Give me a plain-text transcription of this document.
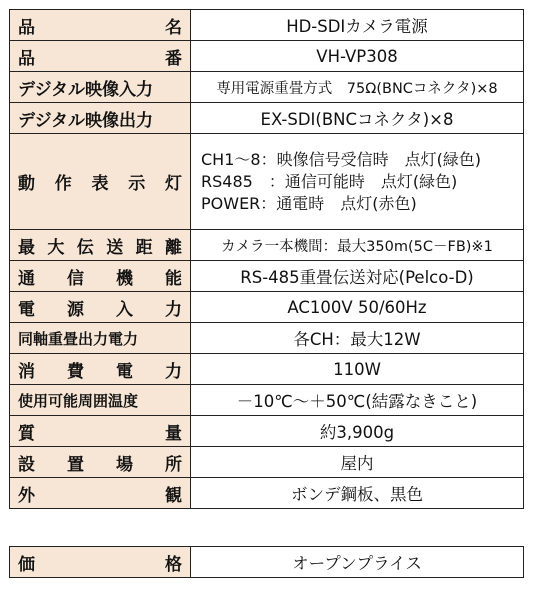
品名	HD-SDIカメラ電源
品番	VH-VP308
デジタル映像入力	専用電源重畳方式　75Ω(BNCコネクタ)×8
デジタル映像出力	EX-SDI(BNCコネクタ)×8
動作表示灯	CH1～8：映像信号受信時　点灯(緑色)
RS485　：通信可能時　点灯(緑色)
POWER：通電時　点灯(赤色)

最大伝送距離	カメラ一本機間：最大350m(5C－FB)※1
通信機能	RS-485重畳伝送対応(Pelco-D)
電源入力	AC100V 50/60Hz
同軸重畳出力電力	各CH：最大12W
消費電力	110W
使用可能周囲温度	－10℃～＋50℃(結露なきこと)
質量	約3,900g
設置場所	屋内
外観	ボンデ鋼板、黒色
価格	オープンプライス
